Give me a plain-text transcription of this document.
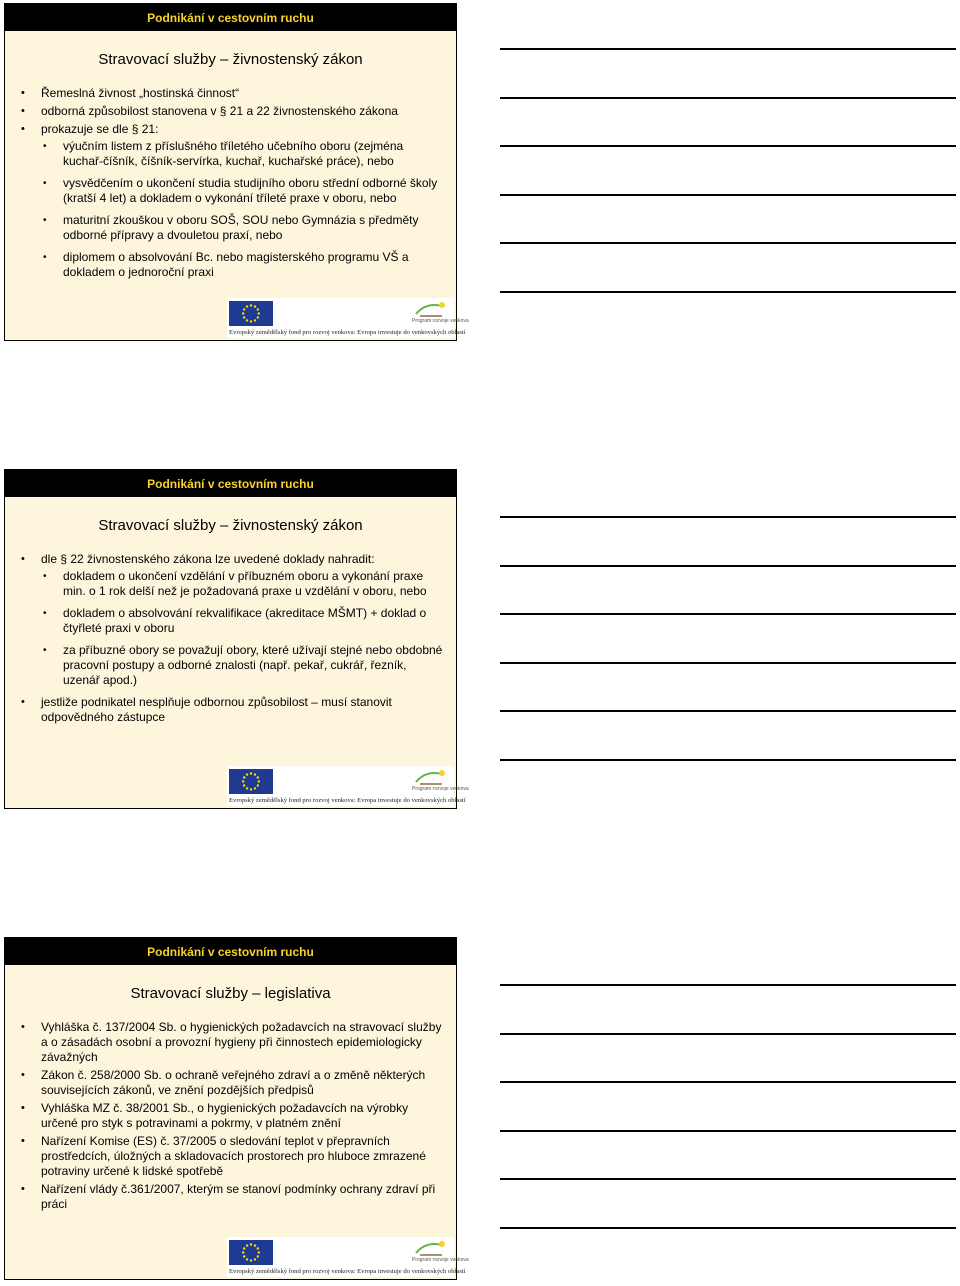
Podnikání v cestovním ruchu
Stravovací služby – živnostenský zákon
• Řemeslná živnost „hostinská činnost“
• odborná způsobilost stanovena v § 21 a 22 živnostenského zákona
• prokazuje se dle § 21:
• výučním listem z příslušného tříletého učebního oboru (zejména kuchař-číšník, číšník-servírka, kuchař, kuchařské práce), nebo
• vysvědčením o ukončení studia studijního oboru střední odborné školy (kratší 4 let) a dokladem o vykonání tříleté praxe v oboru, nebo
• maturitní zkouškou v oboru SOŠ, SOU nebo Gymnázia s předměty odborné přípravy a dvouletou praxí, nebo
• diplomem o absolvování Bc. nebo magisterského programu VŠ a dokladem o jednoroční praxi
Program rozvoje venkova
Evropský zemědělský fond pro rozvoj venkova: Evropa investuje do venkovských oblastí
Podnikání v cestovním ruchu
Stravovací služby – živnostenský zákon
• dle § 22 živnostenského zákona lze uvedené doklady nahradit:
• dokladem o ukončení vzdělání v příbuzném oboru a vykonání praxe min. o 1 rok delší než je požadovaná praxe u vzdělání v oboru, nebo
• dokladem o absolvování rekvalifikace (akreditace MŠMT) + doklad o čtyřleté praxi v oboru
• za příbuzné obory se považují obory, které užívají stejné nebo obdobné pracovní postupy a odborné znalosti (např. pekař, cukrář, řezník, uzenář apod.)
• jestliže podnikatel nesplňuje odbornou způsobilost – musí stanovit odpovědného zástupce
Program rozvoje venkova
Evropský zemědělský fond pro rozvoj venkova: Evropa investuje do venkovských oblastí
Podnikání v cestovním ruchu
Stravovací služby – legislativa
• Vyhláška č. 137/2004 Sb. o hygienických požadavcích na stravovací služby a o zásadách osobní a provozní hygieny při činnostech epidemiologicky závažných
• Zákon č. 258/2000 Sb. o ochraně veřejného zdraví a o změně některých souvisejících zákonů, ve znění pozdějších předpisů
• Vyhláška MZ č. 38/2001 Sb., o hygienických požadavcích na výrobky určené pro styk s potravinami a pokrmy, v platném znění
• Nařízení Komise (ES) č. 37/2005 o sledování teplot v přepravních prostředcích, úložných a skladovacích prostorech pro hlubоce zmrazené potraviny určené k lidské spotřebě
• Nařízení vlády č.361/2007, kterým se stanoví podmínky ochrany zdraví při práci
Program rozvoje venkova
Evropský zemědělský fond pro rozvoj venkova: Evropa investuje do venkovských oblastí
